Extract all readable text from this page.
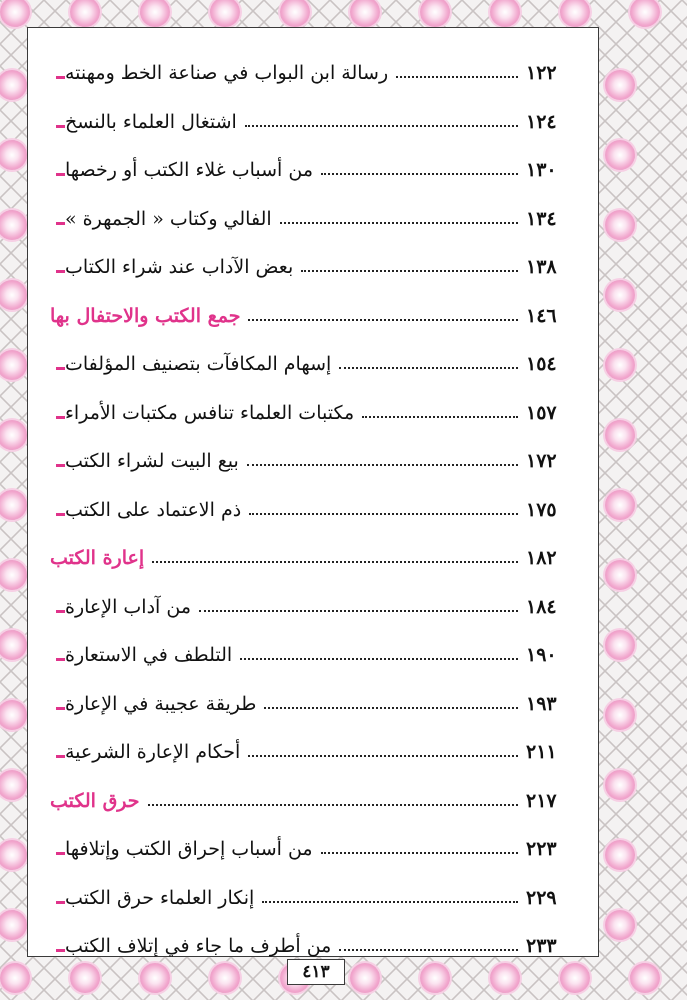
رسالة ابن البواب في صناعة الخط ومهنته	١٢٢
اشتغال العلماء بالنسخ	١٢٤
من أسباب غلاء الكتب أو رخصها	١٣٠
الفالي وكتاب « الجمهرة »	١٣٤
بعض الآداب عند شراء الكتاب	١٣٨
جمع الكتب والاحتفال بها	١٤٦
إسهام المكافآت بتصنيف المؤلفات	١٥٤
مكتبات العلماء تنافس مكتبات الأمراء	١٥٧
بيع البيت لشراء الكتب	١٧٢
ذم الاعتماد على الكتب	١٧٥
إعارة الكتب	١٨٢
من آداب الإعارة	١٨٤
التلطف في الاستعارة	١٩٠
طريقة عجيبة في الإعارة	١٩٣
أحكام الإعارة الشرعية	٢١١
حرق الكتب	٢١٧
من أسباب إحراق الكتب وإتلافها	٢٢٣
إنكار العلماء حرق الكتب	٢٢٩
من أطرف ما جاء في إتلاف الكتب	٢٣٣
٤١٣
